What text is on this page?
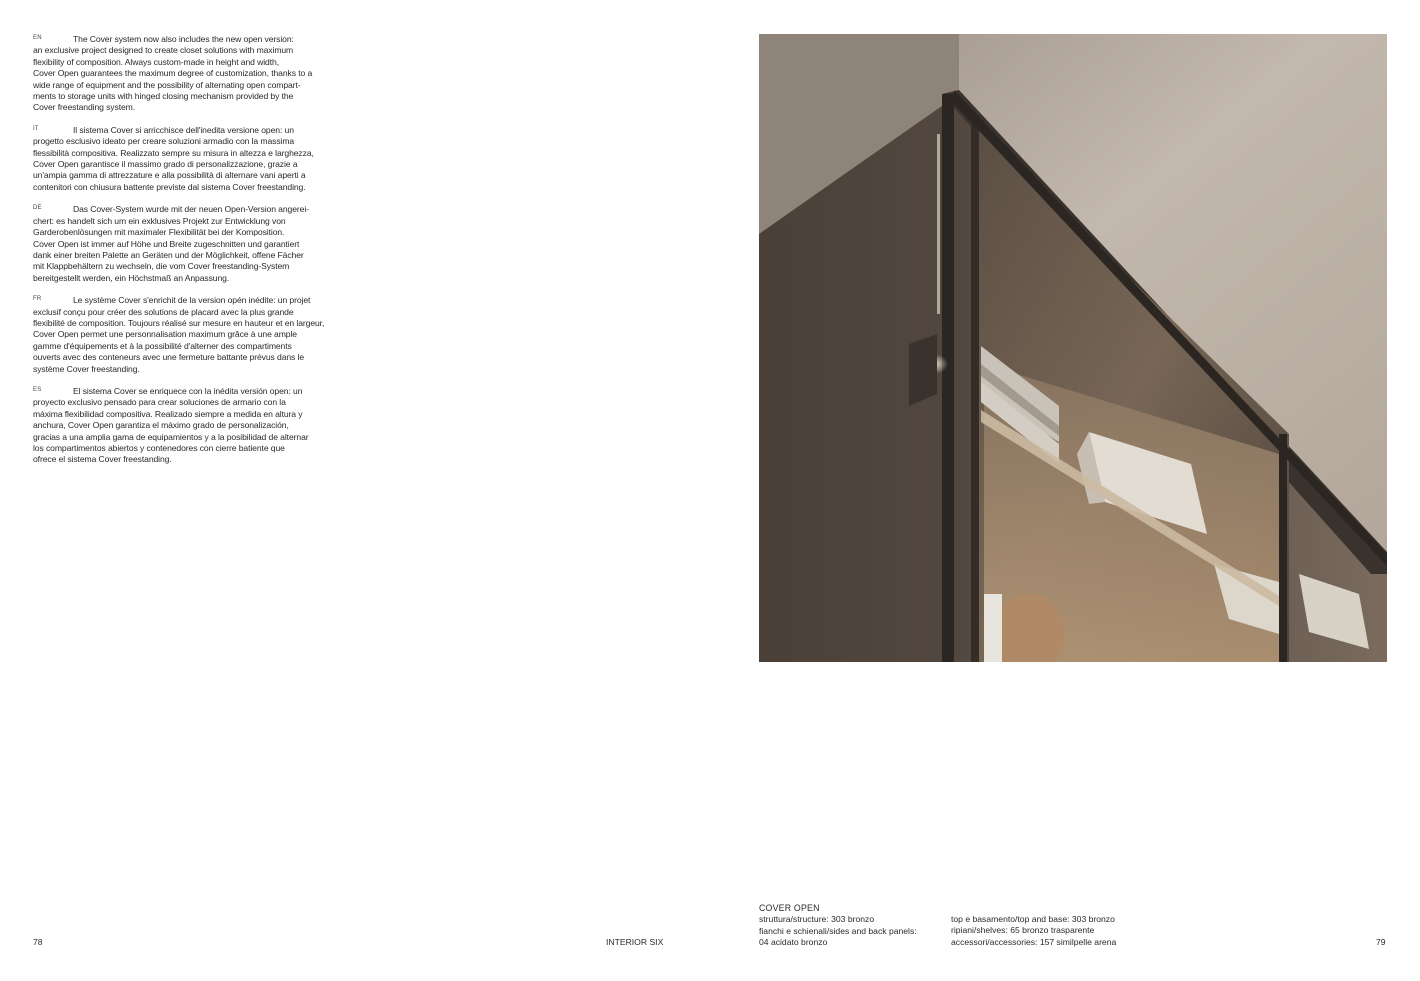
EN	The Cover system now also includes the new open version:
an exclusive project designed to create closet solutions with maximum
flexibility of composition. Always custom-made in height and width,
Cover Open guarantees the maximum degree of customization, thanks to a
wide range of equipment and the possibility of alternating open compart-
ments to storage units with hinged closing mechanism provided by the
Cover freestanding system.

IT	Il sistema Cover si arricchisce dell'inedita versione open: un
progetto esclusivo ideato per creare soluzioni armadio con la massima
flessibilità compositiva. Realizzato sempre su misura in altezza e larghezza,
Cover Open garantisce il massimo grado di personalizzazione, grazie a
un'ampia gamma di attrezzature e alla possibilità di alternare vani aperti a
contenitori con chiusura battente previste dal sistema Cover freestanding.

DE	Das Cover-System wurde mit der neuen Open-Version angerei-
chert: es handelt sich um ein exklusives Projekt zur Entwicklung von
Garderobenlösungen mit maximaler Flexibilität bei der Komposition.
Cover Open ist immer auf Höhe und Breite zugeschnitten und garantiert
dank einer breiten Palette an Geräten und der Möglichkeit, offene Fächer
mit Klappbehältern zu wechseln, die vom Cover freestanding-System
bereitgestellt werden, ein Höchstmaß an Anpassung.

FR	Le système Cover s'enrichit de la version opén inédite: un projet
exclusif conçu pour créer des solutions de placard avec la plus grande
flexibilité de composition. Toujours réalisé sur mesure en hauteur et en largeur,
Cover Open permet une personnalisation maximum grâce à une ample
gamme d'équipements et à la possibilité d'alterner des compartiments
ouverts avec des conteneurs avec une fermeture battante prévus dans le
système Cover freestanding.

ES	El sistema Cover se enriquece con la inédita versión open: un
proyecto exclusivo pensado para crear soluciones de armario con la
máxima flexibilidad compositiva. Realizado siempre a medida en altura y
anchura, Cover Open garantiza el máximo grado de personalización,
gracias a una amplia gama de equipamientos y a la posibilidad de alternar
los compartimentos abiertos y contenedores con cierre batiente que
ofrece el sistema Cover freestanding.

78	INTERIOR SIX	79
COVER OPEN
struttura/structure: 303 bronzo
fianchi e schienali/sides and back panels:
04 acidato bronzo
top e basamento/top and base: 303 bronzo
ripiani/shelves: 65 bronzo trasparente
accessori/accessories: 157 similpelle arena
